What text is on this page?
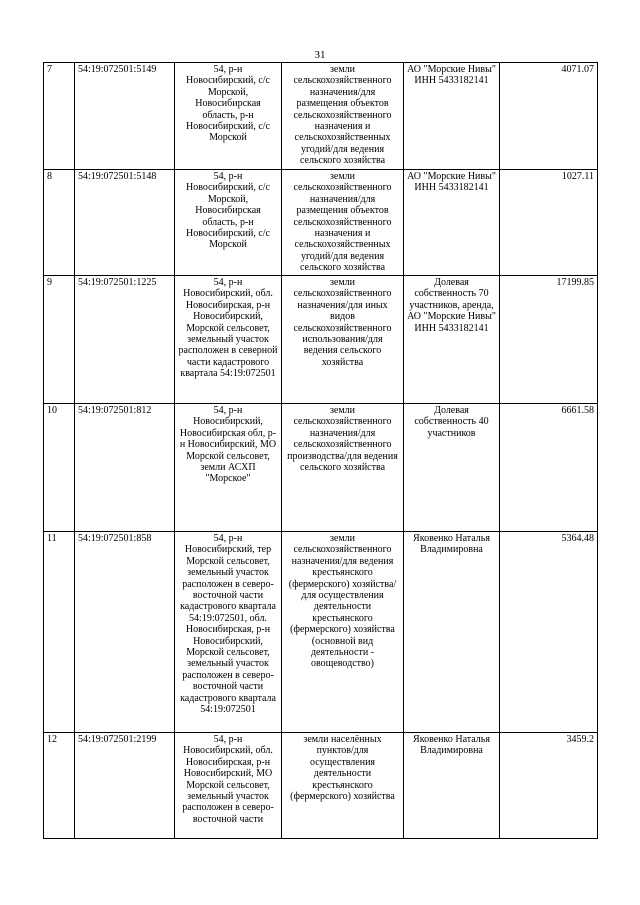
31
7	54:19:072501:5149	54, р-н Новосибирский, с/с Морской, Новосибирская область, р-н Новосибирский, с/с Морской	земли сельскохозяйственного назначения/для размещения объектов сельскохозяйственного назначения и сельскохозяйственных угодий/для ведения сельского хозяйства	АО "Морские Нивы" ИНН 5433182141	4071.07
8	54:19:072501:5148	54, р-н Новосибирский, с/с Морской, Новосибирская область, р-н Новосибирский, с/с Морской	земли сельскохозяйственного назначения/для размещения объектов сельскохозяйственного назначения и сельскохозяйственных угодий/для ведения сельского хозяйства	АО "Морские Нивы" ИНН 5433182141	1027.11
9	54:19:072501:1225	54, р-н Новосибирский, обл. Новосибирская, р-н Новосибирский, Морской сельсовет, земельный участок расположен в северной части кадастрового квартала 54:19:072501	земли сельскохозяйственного назначения/для иных видов сельскохозяйственного использования/для ведения сельского хозяйства	Долевая собственность 70 участников, аренда, АО "Морские Нивы" ИНН 5433182141	17199.85
10	54:19:072501:812	54, р-н Новосибирский, Новосибирская обл, р-н Новосибирский, МО Морской сельсовет, земли АСХП "Морское"	земли сельскохозяйственного назначения/для сельскохозяйственного производства/для ведения сельского хозяйства	Долевая собственность 40 участников	6661.58
11	54:19:072501:858	54, р-н Новосибирский, тер Морской сельсовет, земельный участок расположен в северо-восточной части кадастрового квартала 54:19:072501, обл. Новосибирская, р-н Новосибирский, Морской сельсовет, земельный участок расположен в северо-восточной части кадастрового квартала 54:19:072501	земли сельскохозяйственного назначения/для ведения крестьянского (фермерского) хозяйства/для осуществления деятельности крестьянского (фермерского) хозяйства (основной вид деятельности - овощеводство)	Яковенко Наталья Владимировна	5364.48
12	54:19:072501:2199	54, р-н Новосибирский, обл. Новосибирская, р-н Новосибирский, МО Морской сельсовет, земельный участок расположен в северо-восточной части	земли населённых пунктов/для осуществления деятельности крестьянского (фермерского) хозяйства	Яковенко Наталья Владимировна	3459.2
